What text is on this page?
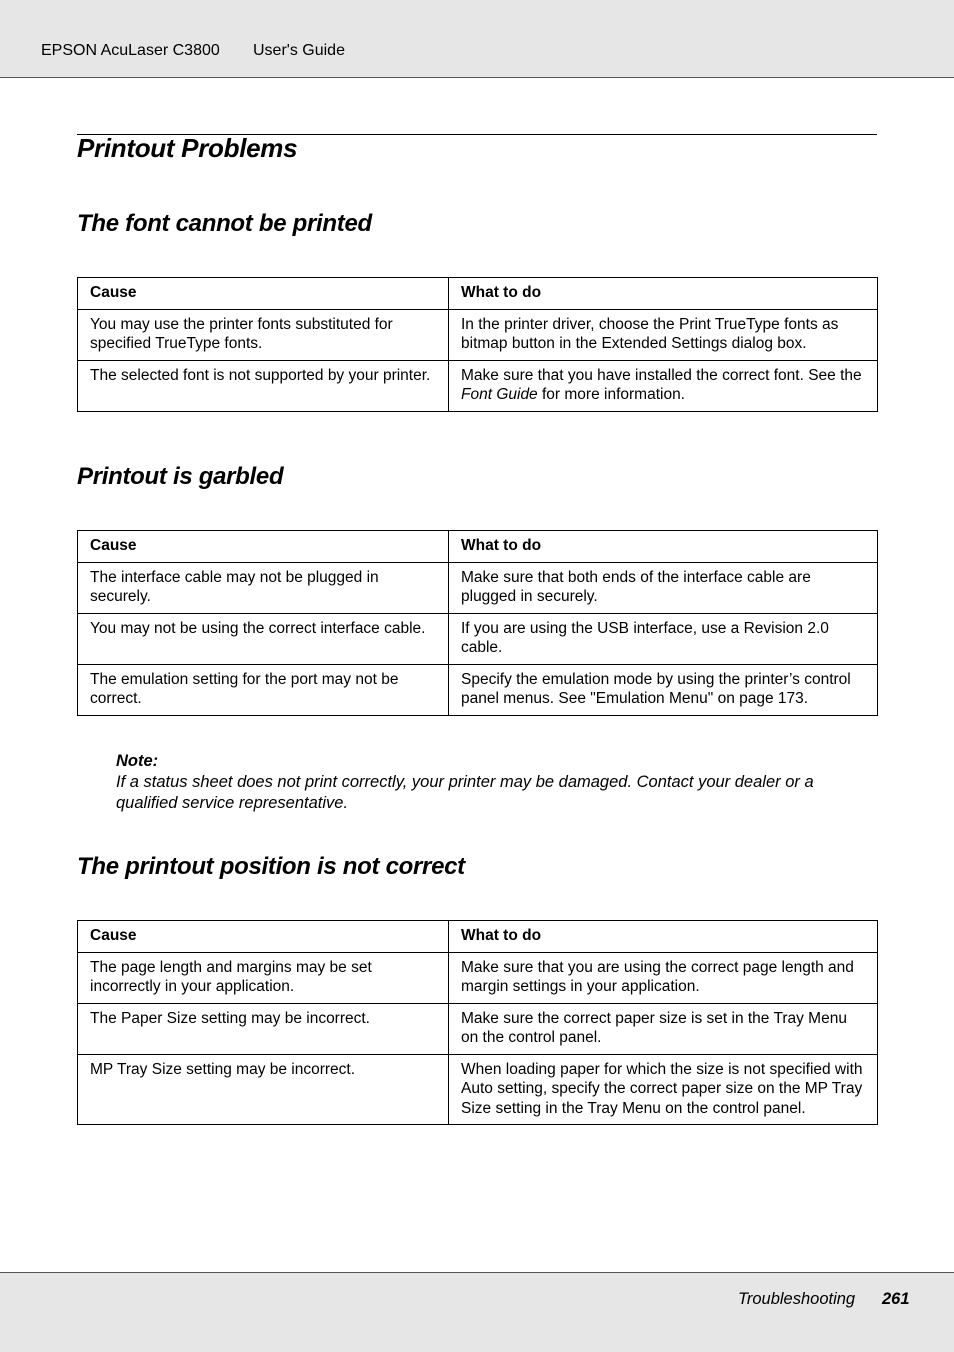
EPSON AcuLaser C3800 User's Guide
Printout Problems
The font cannot be printed
Cause	What to do
You may use the printer fonts substituted for specified TrueType fonts.	In the printer driver, choose the Print TrueType fonts as bitmap button in the Extended Settings dialog box.
The selected font is not supported by your printer.	Make sure that you have installed the correct font. See the Font Guide for more information.
Printout is garbled
Cause	What to do
The interface cable may not be plugged in securely.	Make sure that both ends of the interface cable are plugged in securely.
You may not be using the correct interface cable.	If you are using the USB interface, use a Revision 2.0 cable.
The emulation setting for the port may not be correct.	Specify the emulation mode by using the printer’s control panel menus. See "Emulation Menu" on page 173.
Note:
If a status sheet does not print correctly, your printer may be damaged. Contact your dealer or a qualified service representative.
The printout position is not correct
Cause	What to do
The page length and margins may be set incorrectly in your application.	Make sure that you are using the correct page length and margin settings in your application.
The Paper Size setting may be incorrect.	Make sure the correct paper size is set in the Tray Menu on the control panel.
MP Tray Size setting may be incorrect.	When loading paper for which the size is not specified with Auto setting, specify the correct paper size on the MP Tray Size setting in the Tray Menu on the control panel.
Troubleshooting 261
